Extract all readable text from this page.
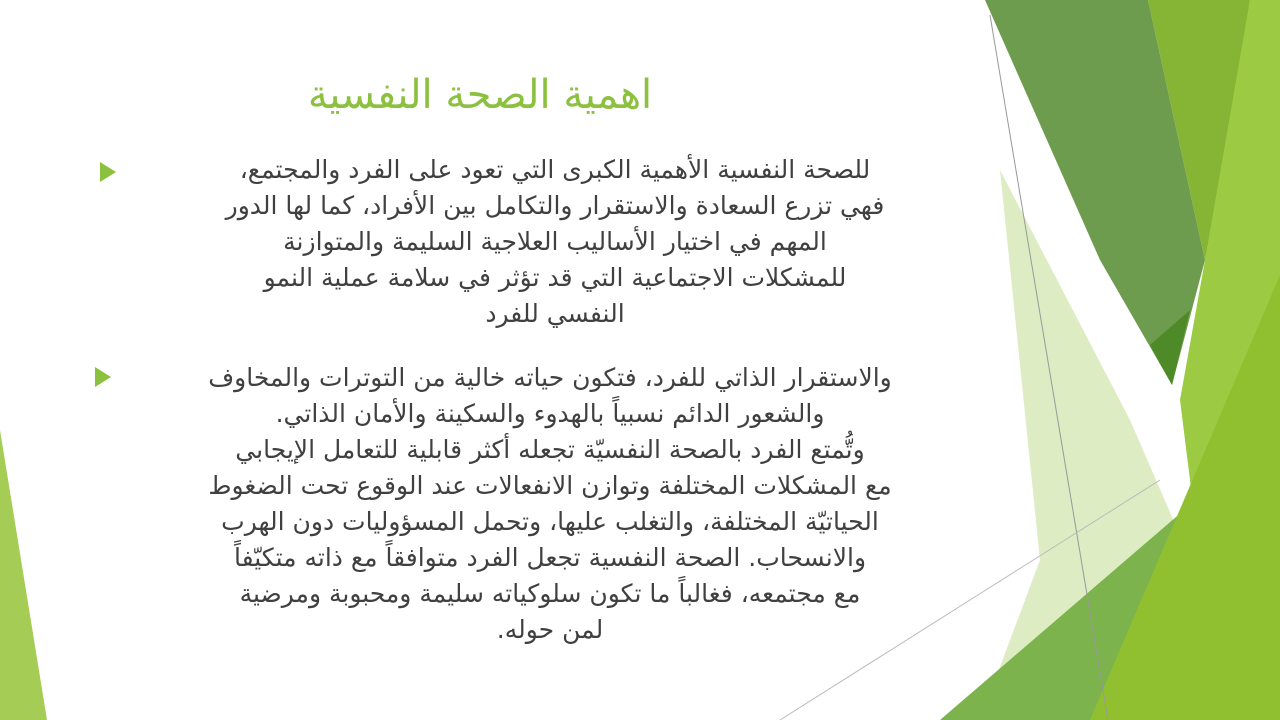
اهمية الصحة النفسية
للصحة النفسية الأهمية الكبرى التي تعود على الفرد والمجتمع،
فهي تزرع السعادة والاستقرار والتكامل بين الأفراد، كما لها الدور
المهم في اختيار الأساليب العلاجية السليمة والمتوازنة
للمشكلات الاجتماعية التي قد تؤثر في سلامة عملية النمو
النفسي للفرد
والاستقرار الذاتي للفرد، فتكون حياته خالية من التوترات والمخاوف
والشعور الدائم نسبياً بالهدوء والسكينة والأمان الذاتي.
وتُّمتع الفرد بالصحة النفسيّة تجعله أكثر قابلية للتعامل الإيجابي
مع المشكلات المختلفة وتوازن الانفعالات عند الوقوع تحت الضغوط
الحياتيّة المختلفة، والتغلب عليها، وتحمل المسؤوليات دون الهرب
والانسحاب. الصحة النفسية تجعل الفرد متوافقاً مع ذاته متكيّفاً
مع مجتمعه، فغالباً ما تكون سلوكياته سليمة ومحبوبة ومرضية
لمن حوله.
